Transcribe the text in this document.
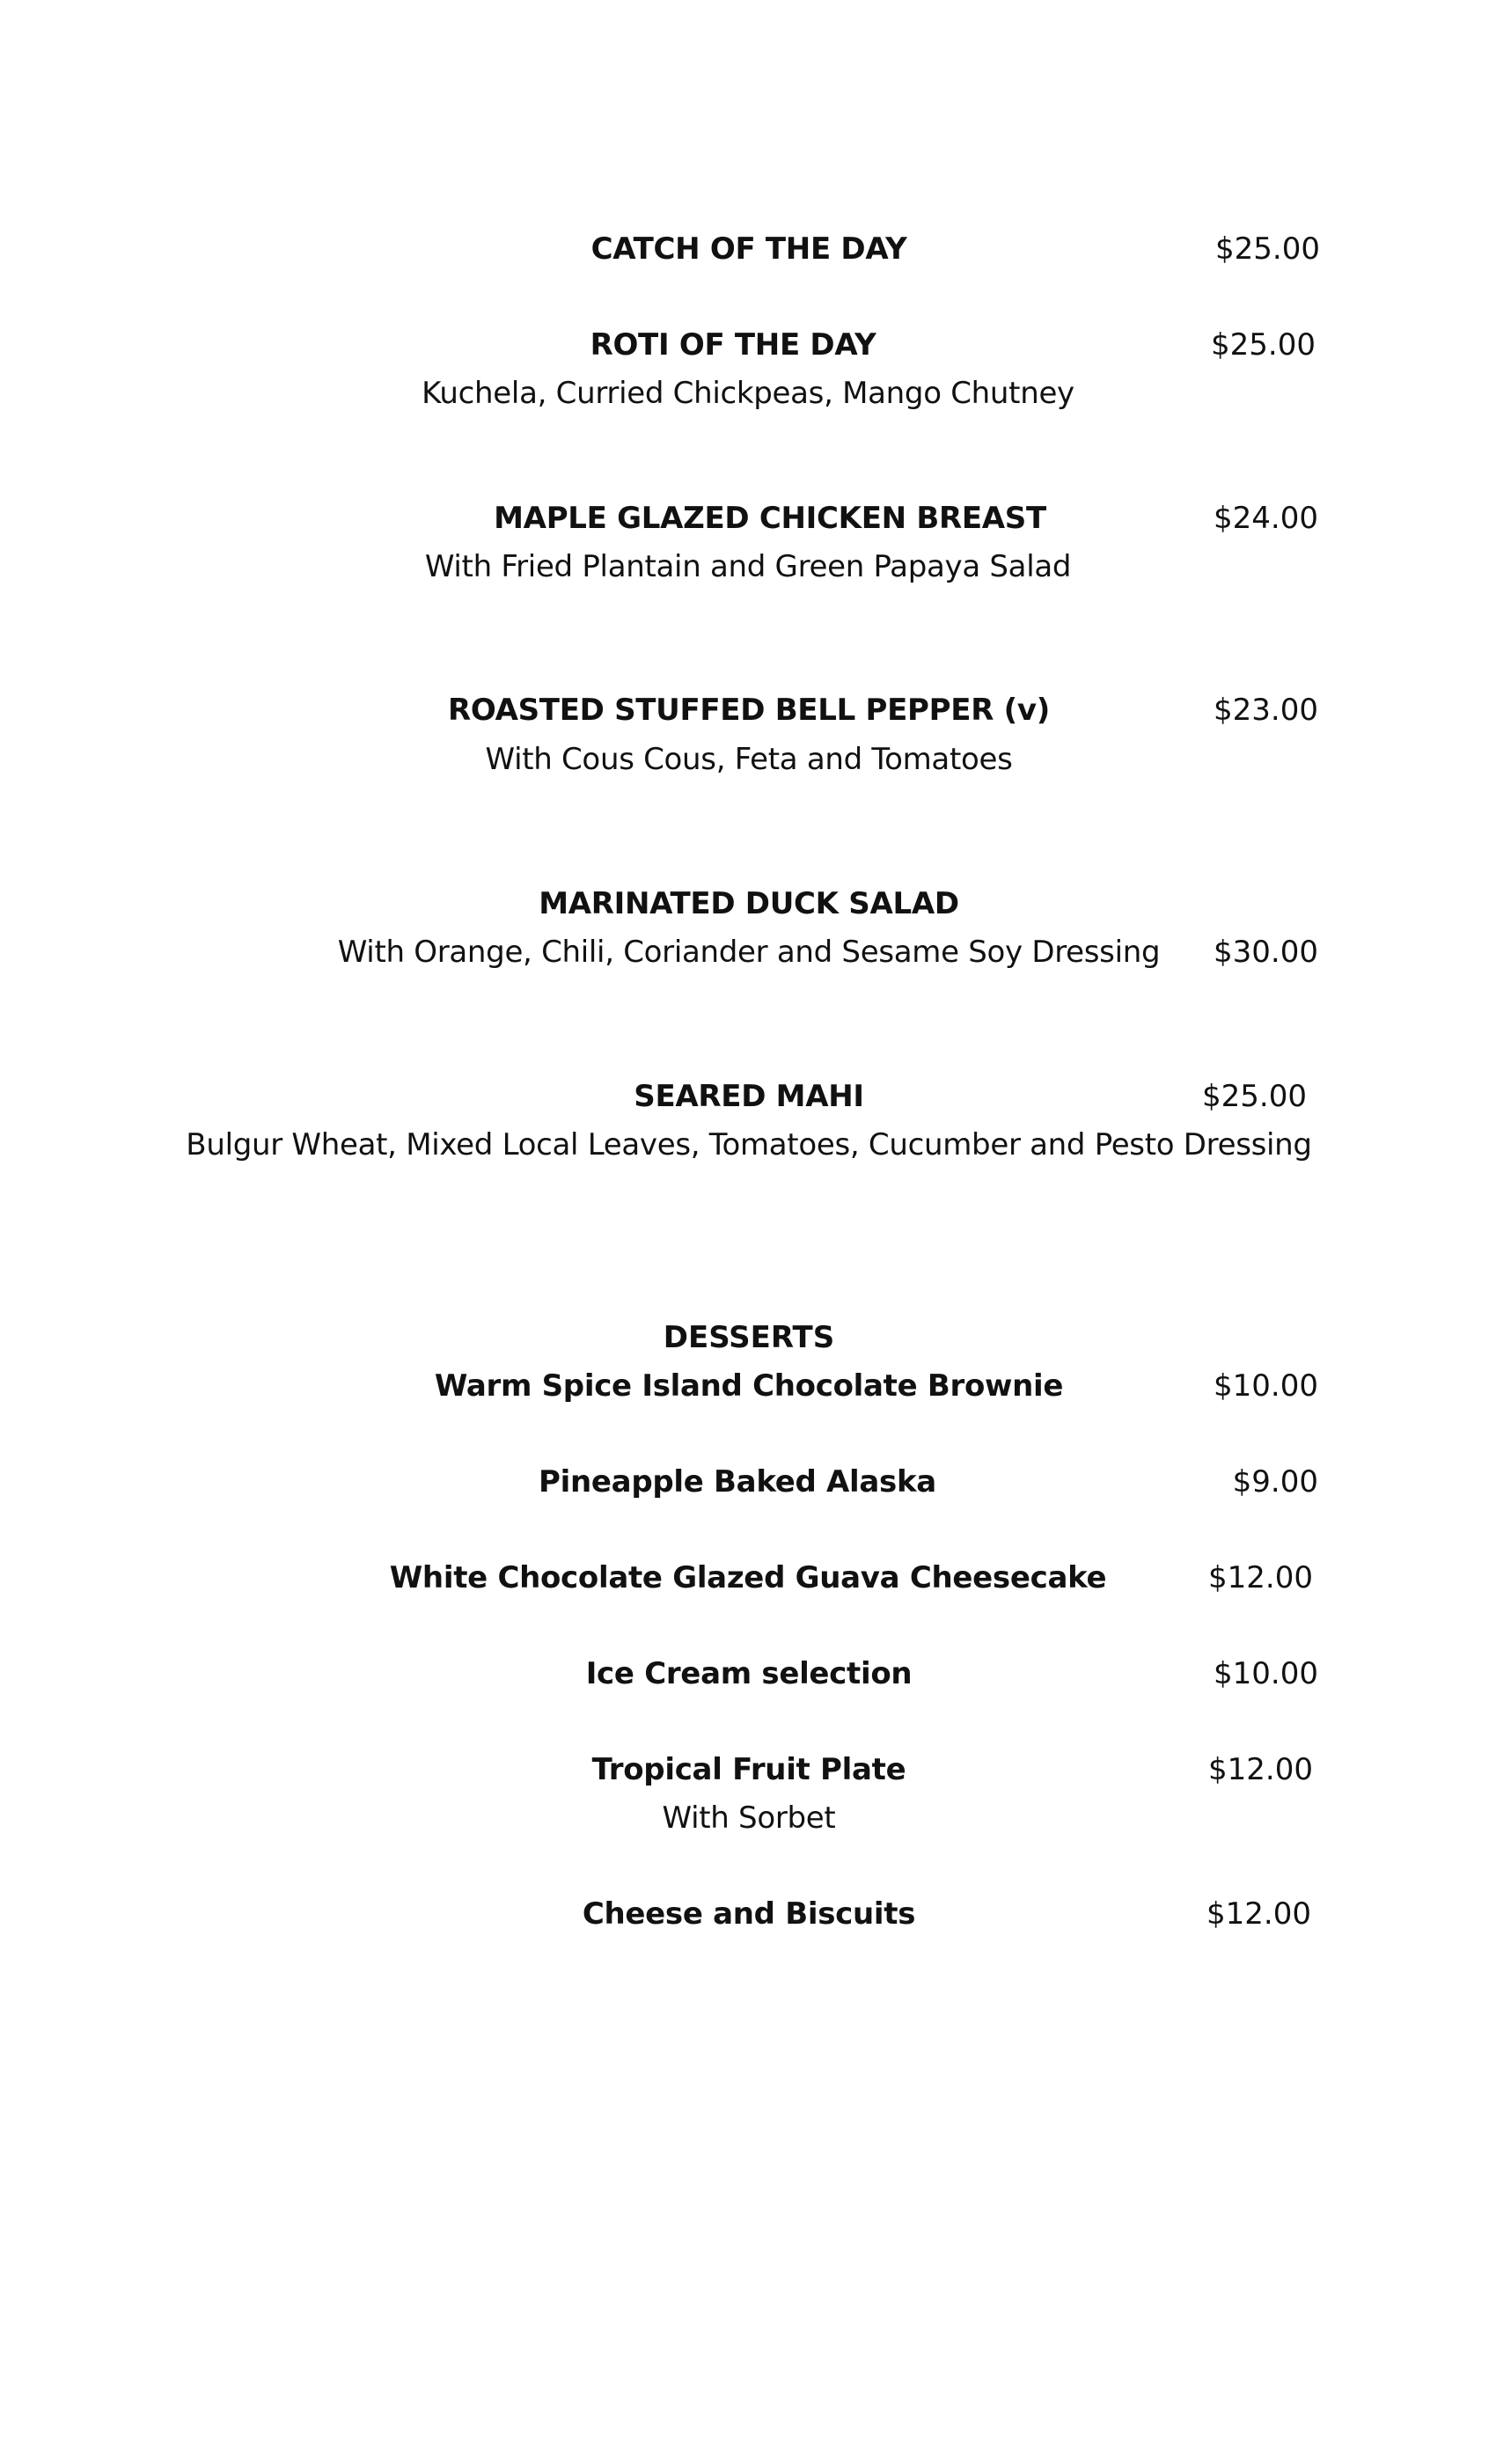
CATCH OF THE DAY	$25.00
ROTI OF THE DAY	$25.00
Kuchela, Curried Chickpeas, Mango Chutney
MAPLE GLAZED CHICKEN BREAST	$24.00
With Fried Plantain and Green Papaya Salad
ROASTED STUFFED BELL PEPPER (v)	$23.00
With Cous Cous, Feta and Tomatoes
MARINATED DUCK SALAD
With Orange, Chili, Coriander and Sesame Soy Dressing $30.00
SEARED MAHI	$25.00
Bulgur Wheat, Mixed Local Leaves, Tomatoes, Cucumber and Pesto Dressing
DESSERTS
Warm Spice Island Chocolate Brownie	$10.00
Pineapple Baked Alaska	$9.00
White Chocolate Glazed Guava Cheesecake	$12.00
Ice Cream selection	$10.00
Tropical Fruit Plate	$12.00
With Sorbet
Cheese and Biscuits	$12.00
